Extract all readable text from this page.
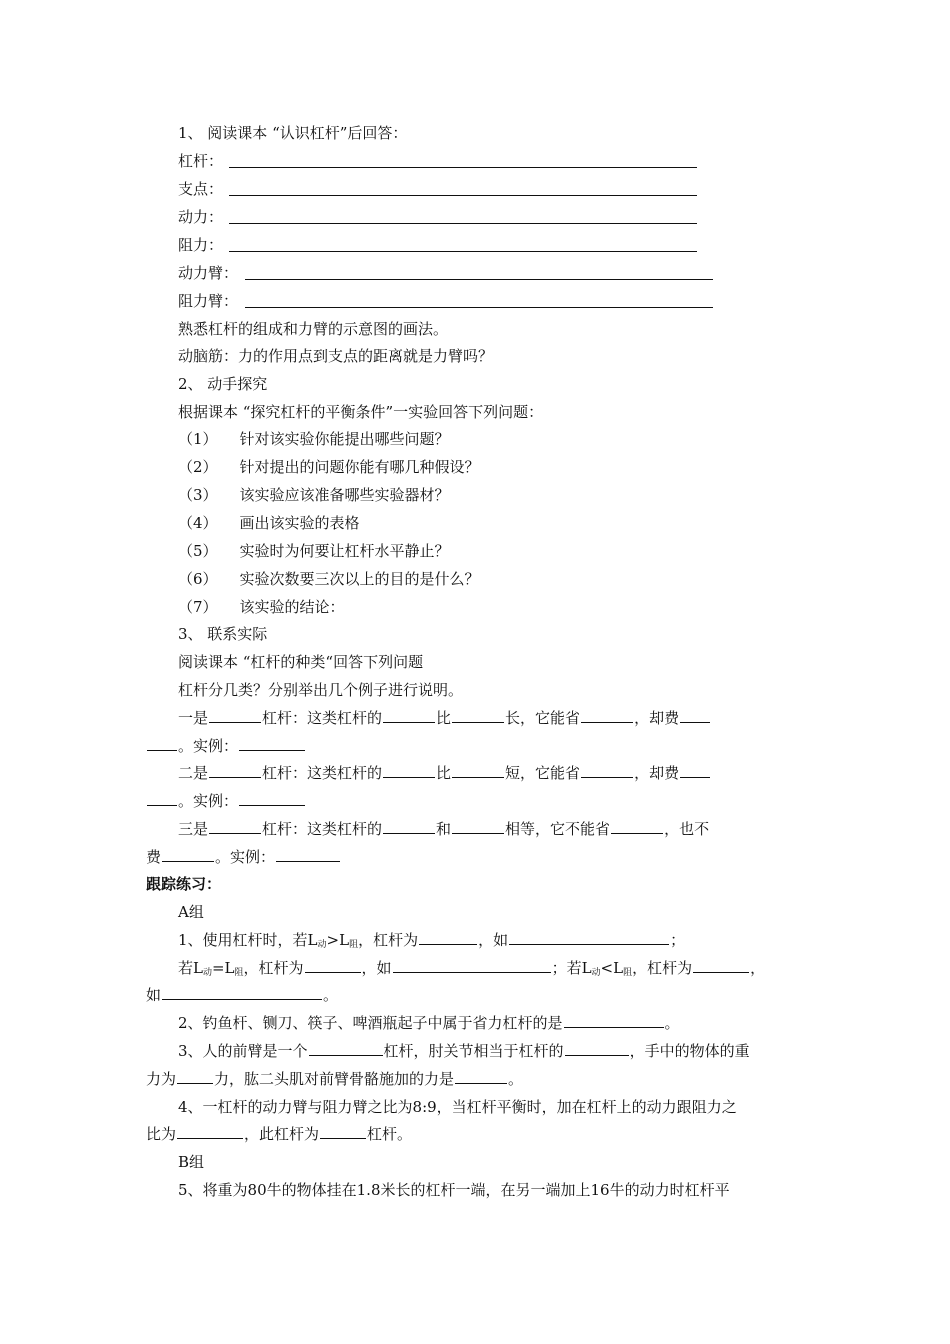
1、 阅读课本 “认识杠杆”后回答：
杠杆：
支点：
动力：
阻力：
动力臂：
阻力臂：
熟悉杠杆的组成和力臂的示意图的画法。
动脑筋：力的作用点到支点的距离就是力臂吗？
2、 动手探究
根据课本 “探究杠杆的平衡条件”一实验回答下列问题：
（1） 针对该实验你能提出哪些问题？
（2） 针对提出的问题你能有哪几种假设？
（3） 该实验应该准备哪些实验器材？
（4） 画出该实验的表格
（5） 实验时为何要让杠杆水平静止？
（6） 实验次数要三次以上的目的是什么？
（7） 该实验的结论：
3、 联系实际
阅读课本 “杠杆的种类“回答下列问题
杠杆分几类？分别举出几个例子进行说明。
一是	杠杆：这类杠杆的	比	长，它能省	，却费
。实例：
二是	杠杆：这类杠杆的	比	短，它能省	，却费
。实例：
三是	杠杆：这类杠杆的	和	相等，它不能省	，也不
费	。实例：
跟踪练习：
A组
1、使用杠杆时，若$L_动>L_阻$，杠杆为	，如	；
若$L_动=L_阻$，杠杆为	，如	；若$L_动<L_阻$，杠杆为	，
如	。
2、钓鱼杆、铡刀、筷子、啤酒瓶起子中属于省力杠杆的是	。
3、人的前臂是一个	杠杆，肘关节相当于杠杆的	，手中的物体的重
力为	力，肱二头肌对前臂骨骼施加的力是	。
4、一杠杆的动力臂与阻力臂之比为8:9，当杠杆平衡时，加在杠杆上的动力跟阻力之
比为	，此杠杆为	杠杆。
B组
5、将重为80牛的物体挂在1.8米长的杠杆一端，在另一端加上16牛的动力时杠杆平
